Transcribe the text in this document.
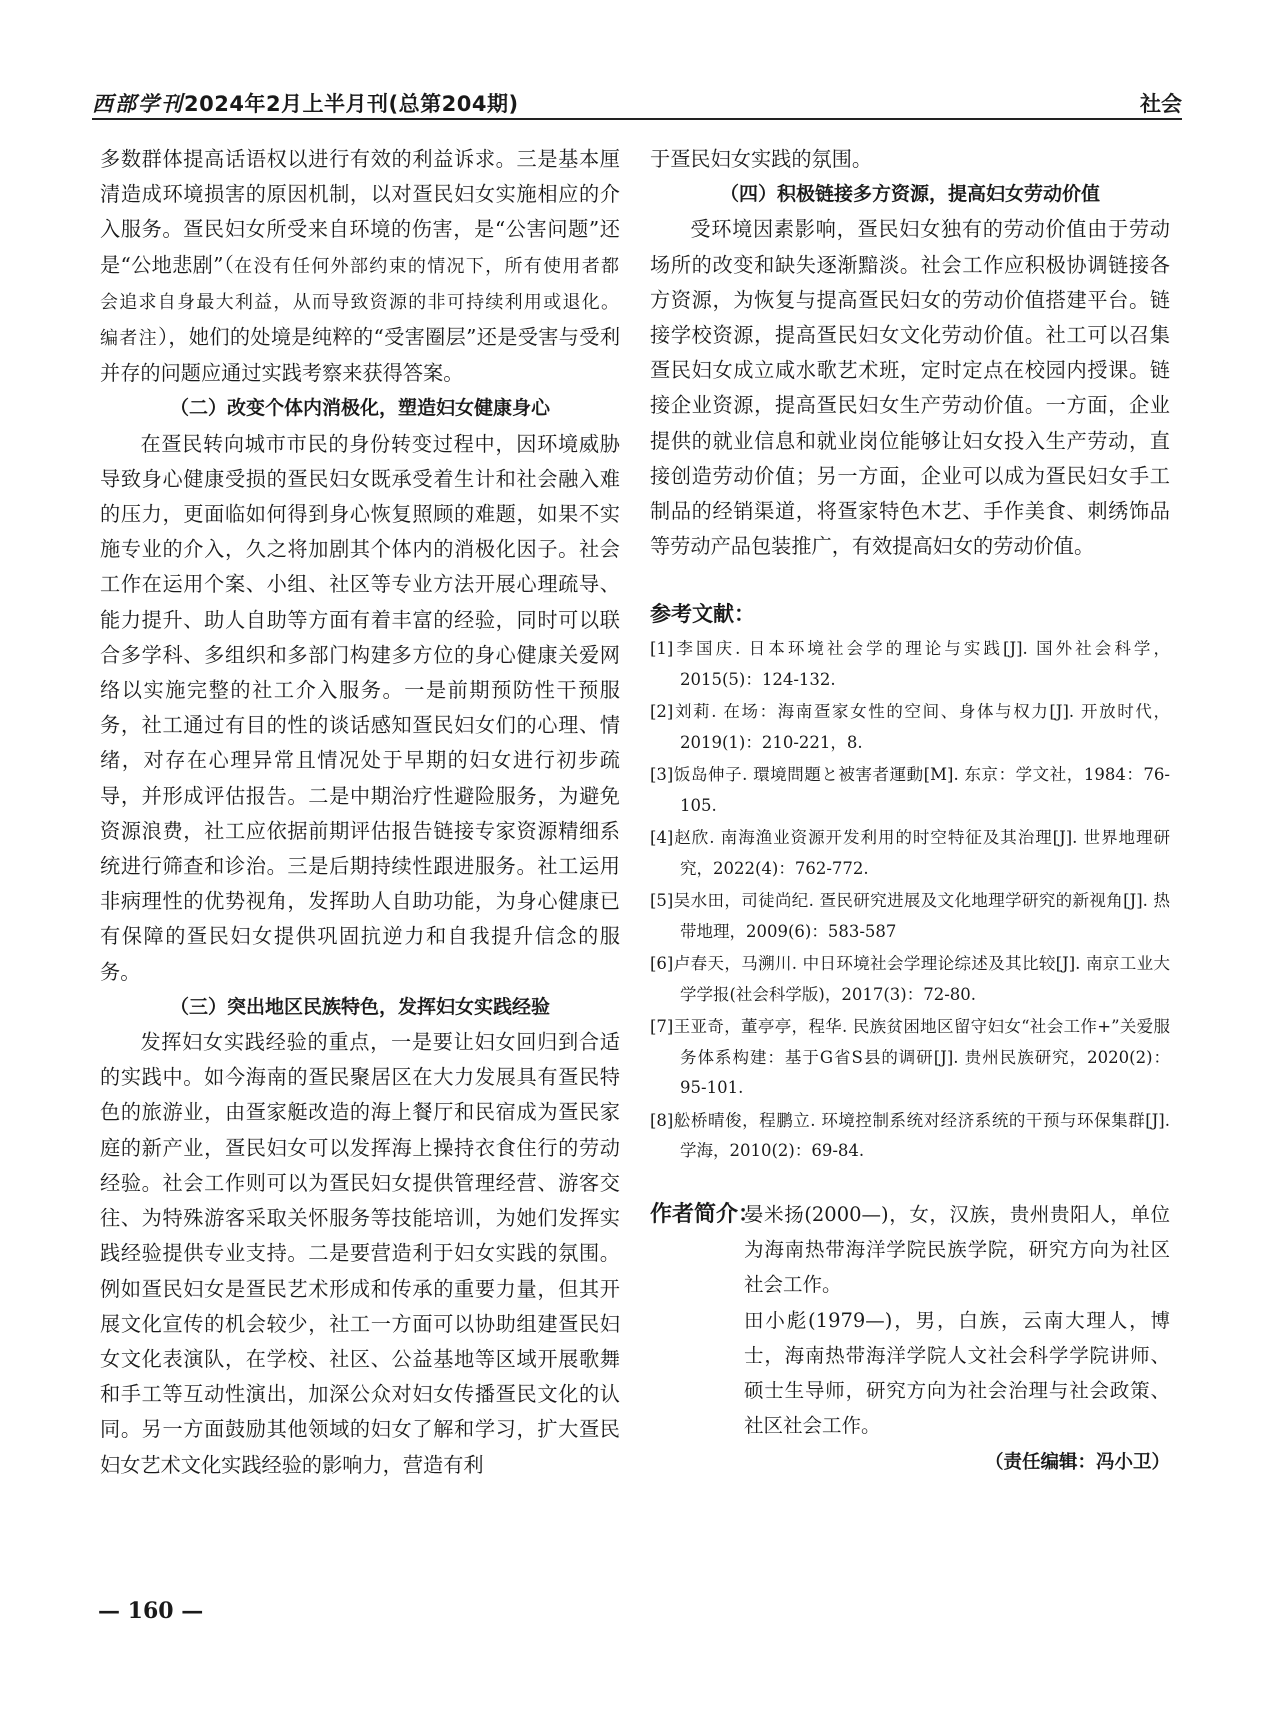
西部学刊2024年2月上半月刊(总第204期)	社会

多数群体提高话语权以进行有效的利益诉求。三是基本厘清造成环境损害的原因机制，以对疍民妇女实施相应的介入服务。疍民妇女所受来自环境的伤害，是“公害问题”还是“公地悲剧”（在没有任何外部约束的情况下，所有使用者都会追求自身最大利益，从而导致资源的非可持续利用或退化。编者注），她们的处境是纯粹的“受害圈层”还是受害与受利并存的问题应通过实践考察来获得答案。

（二）改变个体内消极化，塑造妇女健康身心

在疍民转向城市市民的身份转变过程中，因环境威胁导致身心健康受损的疍民妇女既承受着生计和社会融入难的压力，更面临如何得到身心恢复照顾的难题，如果不实施专业的介入，久之将加剧其个体内的消极化因子。社会工作在运用个案、小组、社区等专业方法开展心理疏导、能力提升、助人自助等方面有着丰富的经验，同时可以联合多学科、多组织和多部门构建多方位的身心健康关爱网络以实施完整的社工介入服务。一是前期预防性干预服务，社工通过有目的性的谈话感知疍民妇女们的心理、情绪，对存在心理异常且情况处于早期的妇女进行初步疏导，并形成评估报告。二是中期治疗性避险服务，为避免资源浪费，社工应依据前期评估报告链接专家资源精细系统进行筛查和诊治。三是后期持续性跟进服务。社工运用非病理性的优势视角，发挥助人自助功能，为身心健康已有保障的疍民妇女提供巩固抗逆力和自我提升信念的服务。

（三）突出地区民族特色，发挥妇女实践经验

发挥妇女实践经验的重点，一是要让妇女回归到合适的实践中。如今海南的疍民聚居区在大力发展具有疍民特色的旅游业，由疍家艇改造的海上餐厅和民宿成为疍民家庭的新产业，疍民妇女可以发挥海上操持衣食住行的劳动经验。社会工作则可以为疍民妇女提供管理经营、游客交往、为特殊游客采取关怀服务等技能培训，为她们发挥实践经验提供专业支持。二是要营造利于妇女实践的氛围。例如疍民妇女是疍民艺术形成和传承的重要力量，但其开展文化宣传的机会较少，社工一方面可以协助组建疍民妇女文化表演队，在学校、社区、公益基地等区域开展歌舞和手工等互动性演出，加深公众对妇女传播疍民文化的认同。另一方面鼓励其他领域的妇女了解和学习，扩大疍民妇女艺术文化实践经验的影响力，营造有利

于疍民妇女实践的氛围。

（四）积极链接多方资源，提高妇女劳动价值

受环境因素影响，疍民妇女独有的劳动价值由于劳动场所的改变和缺失逐渐黯淡。社会工作应积极协调链接各方资源，为恢复与提高疍民妇女的劳动价值搭建平台。链接学校资源，提高疍民妇女文化劳动价值。社工可以召集疍民妇女成立咸水歌艺术班，定时定点在校园内授课。链接企业资源，提高疍民妇女生产劳动价值。一方面，企业提供的就业信息和就业岗位能够让妇女投入生产劳动，直接创造劳动价值；另一方面，企业可以成为疍民妇女手工制品的经销渠道，将疍家特色木艺、手作美食、刺绣饰品等劳动产品包装推广，有效提高妇女的劳动价值。

参考文献：
[1]李国庆. 日本环境社会学的理论与实践[J]. 国外社会科学，2015(5)：124-132.
[2]刘莉. 在场：海南疍家女性的空间、身体与权力[J]. 开放时代，2019(1)：210-221，8.
[3]饭岛伸子. 環境問題と被害者運動[M]. 东京：学文社，1984：76-105.
[4]赵欣. 南海渔业资源开发利用的时空特征及其治理[J]. 世界地理研究，2022(4)：762-772.
[5]吴水田，司徒尚纪. 疍民研究进展及文化地理学研究的新视角[J]. 热带地理，2009(6)：583-587
[6]卢春天，马溯川. 中日环境社会学理论综述及其比较[J]. 南京工业大学学报(社会科学版)，2017(3)：72-80.
[7]王亚奇，董亭亭，程华. 民族贫困地区留守妇女“社会工作+”关爱服务体系构建：基于G省S县的调研[J]. 贵州民族研究，2020(2)：95-101.
[8]舩桥晴俊，程鹏立. 环境控制系统对经济系统的干预与环保集群[J]. 学海，2010(2)：69-84.
作者简介：

晏米扬(2000—)，女，汉族，贵州贵阳人，单位为海南热带海洋学院民族学院，研究方向为社区社会工作。

田小彪(1979—)，男，白族，云南大理人，博士，海南热带海洋学院人文社会科学学院讲师、硕士生导师，研究方向为社会治理与社会政策、社区社会工作。

（责任编辑：冯小卫）
— 160 —
